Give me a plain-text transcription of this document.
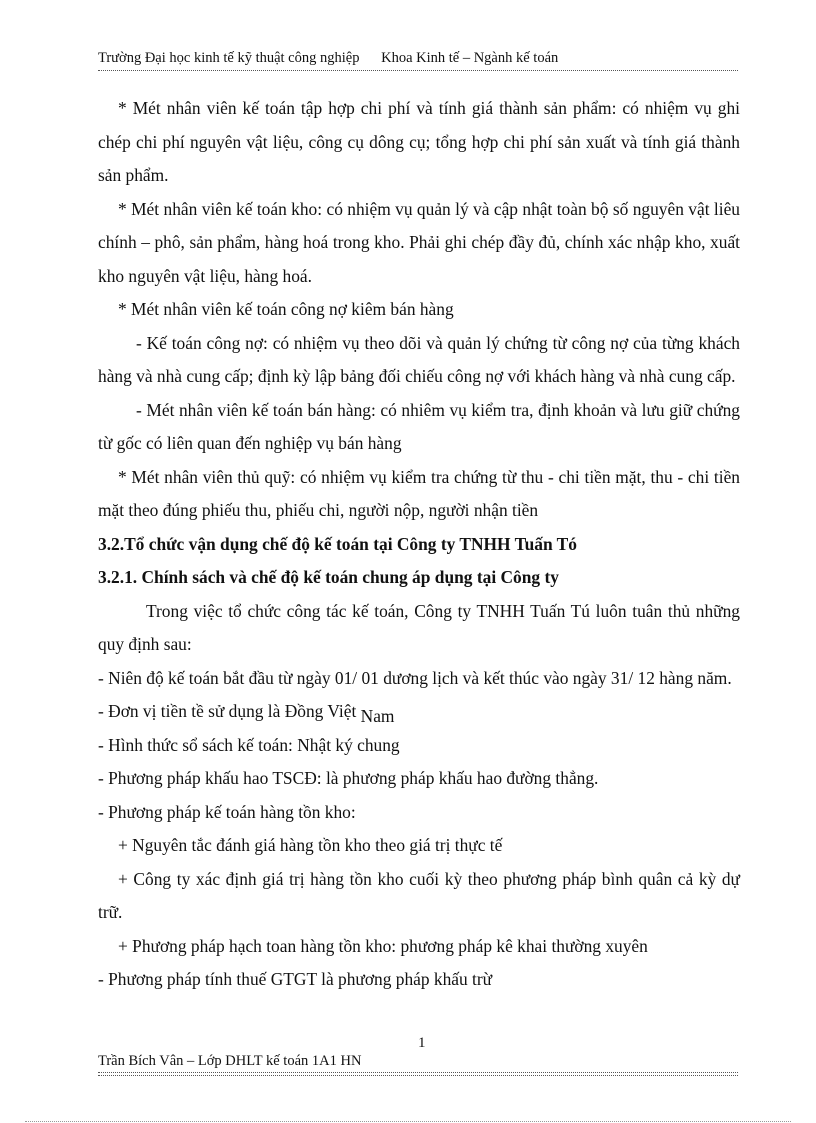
Trường Đại học kinh tế kỹ thuật công nghiệp Khoa Kinh tế – Ngành kế toán

* Mét nhân viên kế toán tập hợp chi phí và tính giá thành sản phẩm: có nhiệm vụ ghi chép chi phí nguyên vật liệu, công cụ dông cụ; tổng hợp chi phí sản xuất và tính giá thành sản phẩm.

* Mét nhân viên kế toán kho: có nhiệm vụ quản lý và cập nhật toàn bộ số nguyên vật liêu chính – phô, sản phẩm, hàng hoá trong kho. Phải ghi chép đầy đủ, chính xác nhập kho, xuất kho nguyên vật liệu, hàng hoá.

* Mét nhân viên kế toán công nợ kiêm bán hàng

- Kế toán công nợ: có nhiệm vụ theo dõi và quản lý chứng từ công nợ của từng khách hàng và nhà cung cấp; định kỳ lập bảng đối chiếu công nợ với khách hàng và nhà cung cấp.

- Mét nhân viên kế toán bán hàng: có nhiêm vụ kiểm tra, định khoản và lưu giữ chứng từ gốc có liên quan đến nghiệp vụ bán hàng

* Mét nhân viên thủ quỹ: có nhiệm vụ kiểm tra chứng từ thu - chi tiền mặt, thu - chi tiền mặt theo đúng phiếu thu, phiếu chi, người nộp, người nhận tiền

3.2.Tổ chức vận dụng chế độ kế toán tại Công ty TNHH Tuấn Tó

3.2.1. Chính sách và chế độ kế toán chung áp dụng tại Công ty

Trong việc tổ chức công tác kế toán, Công ty TNHH Tuấn Tú luôn tuân thủ những quy định sau:

- Niên độ kế toán bắt đầu từ ngày 01/ 01 dương lịch và kết thúc vào ngày 31/ 12 hàng năm.

- Đơn vị tiền tề sử dụng là Đồng Việt Nam

- Hình thức sổ sách kế toán: Nhật ký chung

- Phương pháp khấu hao TSCĐ: là phương pháp khấu hao đường thẳng.

- Phương pháp kế toán hàng tồn kho:

+ Nguyên tắc đánh giá hàng tồn kho theo giá trị thực tế

+ Công ty xác định giá trị hàng tồn kho cuối kỳ theo phương pháp bình quân cả kỳ dự trữ.

+ Phương pháp hạch toan hàng tồn kho: phương pháp kê khai thường xuyên

- Phương pháp tính thuế GTGT là phương pháp khấu trừ

1
Trần Bích Vân – Lớp DHLT kế toán 1A1 HN
